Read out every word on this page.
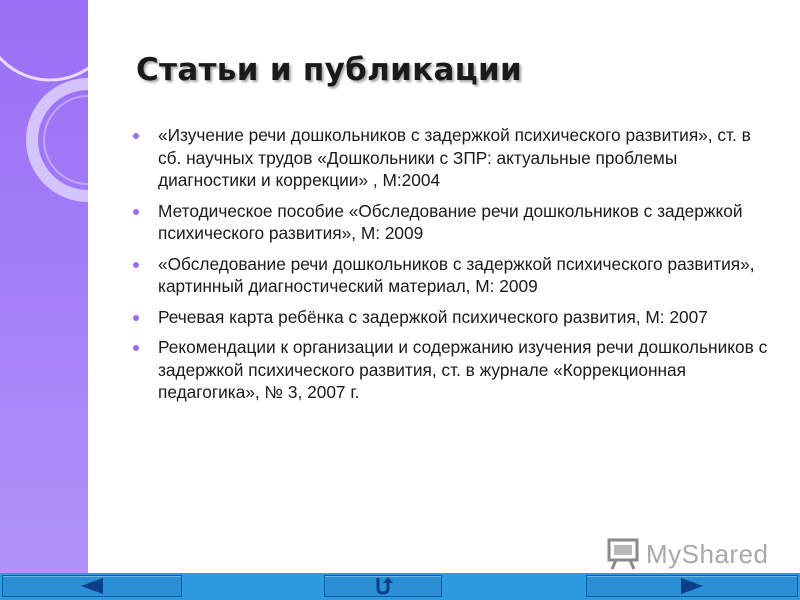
Статьи и публикации
«Изучение речи дошкольников с задержкой психического развития», ст. в сб. научных трудов «Дошкольники с ЗПР: актуальные проблемы диагностики и коррекции» , М:2004
Методическое пособие «Обследование речи дошкольников с задержкой психического развития», М: 2009
«Обследование речи дошкольников с задержкой психического развития», картинный диагностический материал, М: 2009
Речевая карта ребёнка с задержкой психического развития, М: 2007
Рекомендации к организации и содержанию изучения речи дошкольников с задержкой психического развития, ст. в журнале «Коррекционная педагогика», № 3, 2007 г.
MyShared
